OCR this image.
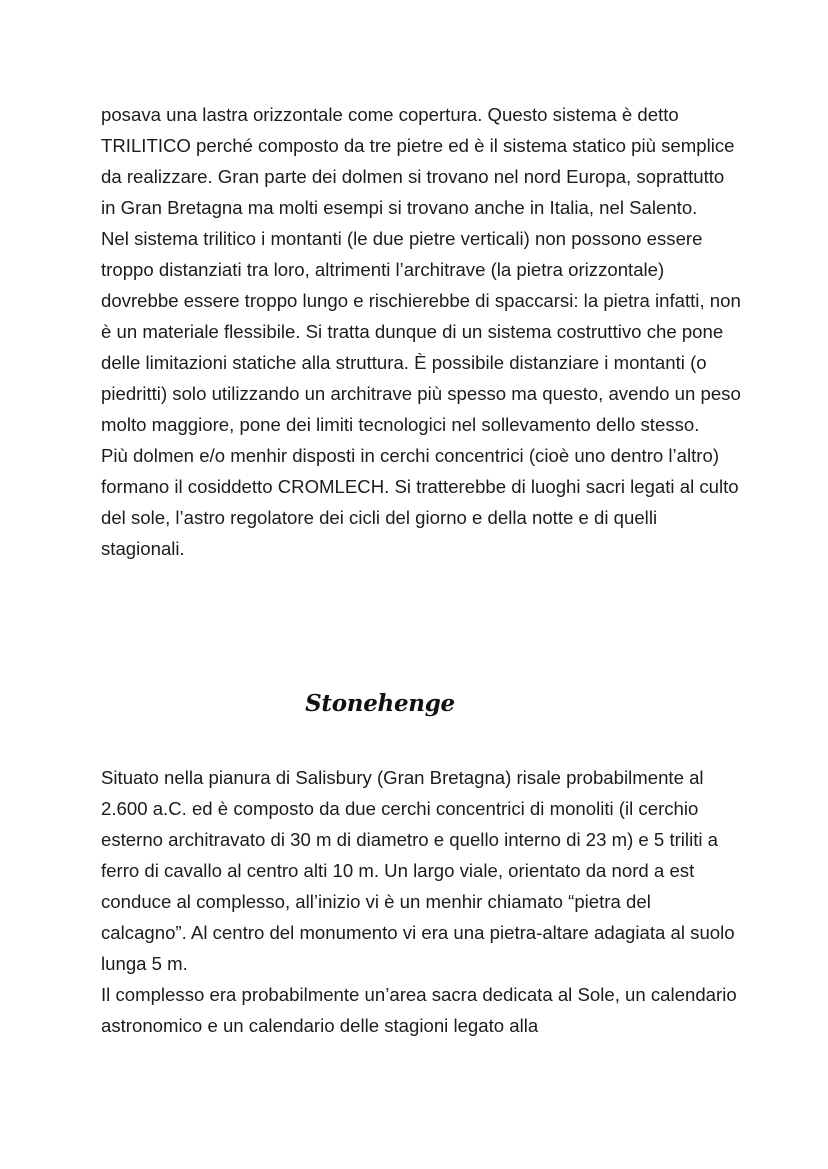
posava una lastra orizzontale come copertura. Questo sistema è detto TRILITICO perché composto da tre pietre ed è il sistema statico più semplice da realizzare. Gran parte dei dolmen si trovano nel nord Europa, soprattutto in Gran Bretagna ma molti esempi si trovano anche in Italia, nel Salento.

Nel sistema trilitico i montanti (le due pietre verticali) non possono essere troppo distanziati tra loro, altrimenti l’architrave (la pietra orizzontale) dovrebbe essere troppo lungo e rischierebbe di spaccarsi: la pietra infatti, non è un materiale flessibile. Si tratta dunque di un sistema costruttivo che pone delle limitazioni statiche alla struttura. È possibile distanziare i montanti (o piedritti) solo utilizzando un architrave più spesso ma questo, avendo un peso molto maggiore, pone dei limiti tecnologici nel sollevamento dello stesso.

Più dolmen e/o menhir disposti in cerchi concentrici (cioè uno dentro l’altro) formano il cosiddetto CROMLECH. Si tratterebbe di luoghi sacri legati al culto del sole, l’astro regolatore dei cicli del giorno e della notte e di quelli stagionali.

Stonehenge

Situato nella pianura di Salisbury (Gran Bretagna) risale probabilmente al 2.600 a.C. ed è composto da due cerchi concentrici di monoliti (il cerchio esterno architravato di 30 m di diametro e quello interno di 23 m) e 5 triliti a ferro di cavallo al centro alti 10 m. Un largo viale, orientato da nord a est conduce al complesso, all’inizio vi è un menhir chiamato “pietra del calcagno”. Al centro del monumento vi era una pietra-altare adagiata al suolo lunga 5 m.

Il complesso era probabilmente un’area sacra dedicata al Sole, un calendario astronomico e un calendario delle stagioni legato alla
